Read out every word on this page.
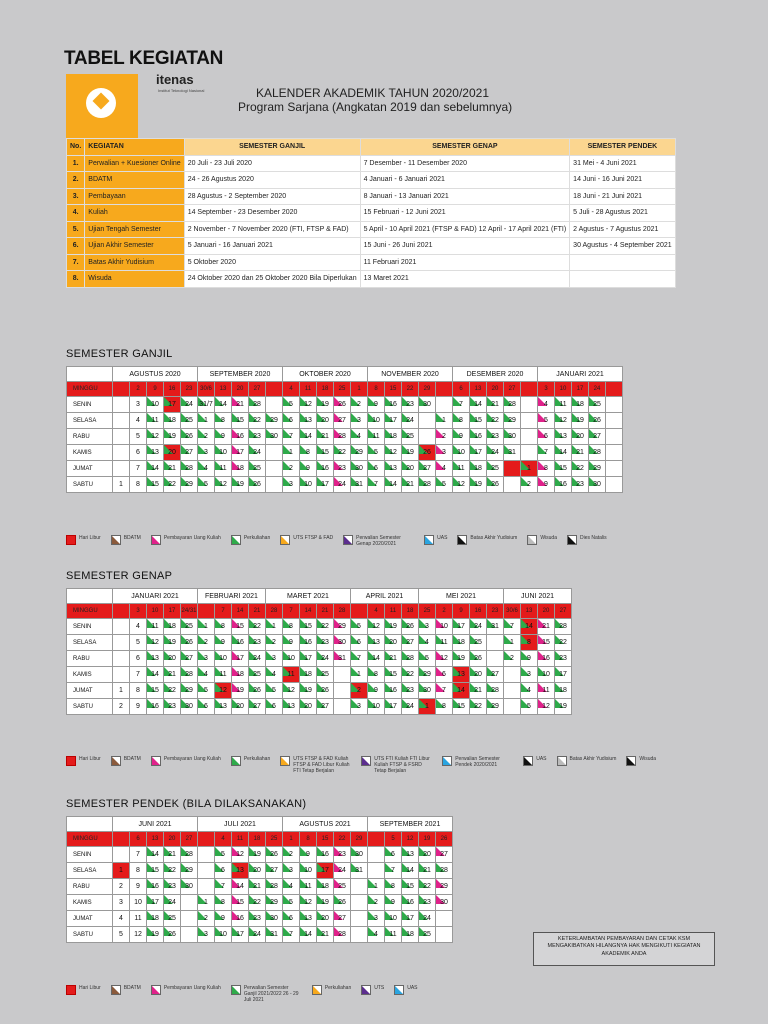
TABEL KEGIATAN
itenas
Institut Teknologi Nasional	KALENDER AKADEMIK TAHUN 2020/2021
Program Sarjana (Angkatan 2019 dan sebelumnya)
No.	KEGIATAN	SEMESTER GANJIL	SEMESTER GENAP	SEMESTER PENDEK
1.	Perwalian + Kuesioner Online	20 Juli - 23 Juli 2020	7 Desember - 11 Desember 2020	31 Mei - 4 Juni 2021
2.	BDATM	24 - 26 Agustus 2020	4 Januari - 6 Januari 2021	14 Juni - 16 Juni 2021
3.	Pembayaan	28 Agustus - 2 September 2020	8 Januari - 13 Januari 2021	18 Juni - 21 Juni 2021
4.	Kuliah	14 September - 23 Desember 2020	15 Februari - 12 Juni 2021	5 Juli - 28 Agustus 2021
5.	Ujian Tengah Semester	2 November - 7 November 2020 (FTI, FTSP & FAD)	5 April - 10 April 2021 (FTSP & FAD) 12 April - 17 April 2021 (FTI)	2 Agustus - 7 Agustus 2021
6.	Ujian Akhir Semester	5 Januari - 16 Januari 2021	15 Juni - 26 Juni 2021	30 Agustus - 4 September 2021
7.	Batas Akhir Yudisium	5 Oktober 2020	11 Februari 2021	
8.	Wisuda	24 Oktober 2020 dan 25 Oktober 2020 Bila Diperlukan	13 Maret 2021	
SEMESTER GANJIL
	AGUSTUS 2020					SEPTEMBER 2020					OKTOBER 2020					NOVEMBER 2020					DESEMBER 2020					JANUARI 2021				
MINGGU		2	9	16	23	30/6	13	20	27		4	11	18	25	1	8	15	22	29		6	13	20	27		3	10	17	24	
SENIN		3	10	17	24	31/7	14	21	28		5	12	19	26	2	9	16	23	30		7	14	21	28		4	11	18	25	
SELASA		4	11	18	25	1	8	15	22	29	6	13	20	27	3	10	17	24		1	8	15	22	29		5	12	19	26	
RABU		5	12	19	26	2	9	16	23	30	7	14	21	28	4	11	18	25		2	9	16	23	30		6	13	20	27	
KAMIS		6	13	20	27	3	10	17	24		1	8	15	22	29	5	12	19	26	3	10	17	24	31		7	14	21	28	
JUMAT		7	14	21	28	4	11	18	25		2	9	16	23	30	6	13	20	27	4	11	18	25		1	8	15	22	29	
SABTU	1	8	15	22	29	5	12	19	26		3	10	17	24	31	7	14	21	28	5	12	19	26		2	9	16	23	30	
Hari Libur	BDATM	Pembayaran Uang Kuliah	Perkuliahan	UTS FTSP & FAD	Perwalian Semester Genap 2020/2021
UAS	Batas Akhir Yudisium	Wisuda	Dies Natalis
SEMESTER GENAP
	JANUARI 2021					FEBRUARI 2021				MARET 2021					APRIL 2021				MEI 2021					JUNI 2021			
MINGGU		3	10	17	24/31		7	14	21	28	7	14	21	28		4	11	18	25	2	9	16	23	30/6	13	20	27
SENIN		4	11	18	25	1	8	15	22	1	8	15	22	29	5	12	19	26	3	10	17	24	31	7	14	21	28
SELASA		5	12	19	26	2	9	16	23	2	9	16	23	30	6	13	20	27	4	11	18	25		1	8	15	22
RABU		6	13	20	27	3	10	17	24	3	10	17	24	31	7	14	21	28	5	12	19	26		2	9	16	23
KAMIS		7	14	21	28	4	11	18	25	4	11	18	25		1	8	15	22	29	6	13	20	27		3	10	17
JUMAT	1	8	15	22	29	5	12	19	26	5	12	19	26		2	9	16	23	30	7	14	21	28		4	11	18
SABTU	2	9	16	23	30	6	13	20	27	6	13	20	27		3	10	17	24	1	8	15	22	29		5	12	19
Hari Libur	BDATM	Pembayaran Uang Kuliah	Perkuliahan	UTS FTSP & FAD Kuliah FTSP & FAD Libur Kuliah FTI Tetap Berjalan
UTS FTI Kuliah FTI Libur Kuliah FTSP & FSRD Tetap Berjalan
Perwalian Semester Pendek 2020/2021
UAS	Batas Akhir Yudisium	Wisuda
SEMESTER PENDEK (BILA DILAKSANAKAN)
	JUNI 2021					JULI 2021					AGUSTUS 2021					SEPTEMBER 2021				
MINGGU		6	13	20	27		4	11	18	25	1	8	15	22	29		5	12	19	26
SENIN		7	14	21	28		5	12	19	26	2	9	16	23	30		6	13	20	27
SELASA	1	8	15	22	29		6	13	20	27	3	10	17	24	31		7	14	21	28
RABU	2	9	16	23	30		7	14	21	28	4	11	18	25		1	8	15	22	29
KAMIS	3	10	17	24		1	8	15	22	29	5	12	19	26		2	9	16	23	30
JUMAT	4	11	18	25		2	9	16	23	30	6	13	20	27		3	10	17	24	
SABTU	5	12	19	26		3	10	17	24	31	7	14	21	28		4	11	18	25	
KETERLAMBATAN PEMBAYARAN DAN CETAK KSM MENGAKIBATKAN HILANGNYA HAK MENGIKUTI KEGIATAN AKADEMIK ANDA
Hari Libur	BDATM	Pembayaran Uang Kuliah	Perwalian Semester Ganjil 2021/2022 26 - 29 Juli 2021
Perkuliahan	UTS	UAS
